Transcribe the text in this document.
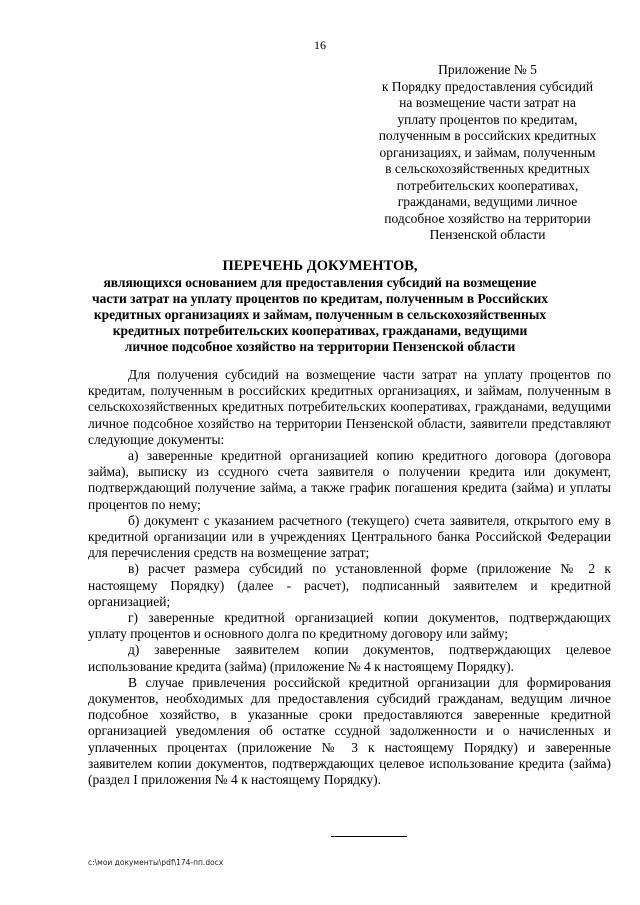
16
Приложение № 5
к Порядку предоставления субсидий
на возмещение части затрат на
уплату процентов по кредитам,
полученным в российских кредитных
организациях, и займам, полученным
в сельскохозяйственных кредитных
потребительских кооперативах,
гражданами, ведущими личное
подсобное хозяйство на территории
Пензенской области
ПЕРЕЧЕНЬ ДОКУМЕНТОВ,
являющихся основанием для предоставления субсидий на возмещение
части затрат на уплату процентов по кредитам, полученным в Российских
кредитных организациях и займам, полученным в сельскохозяйственных
кредитных потребительских кооперативах, гражданами, ведущими
личное подсобное хозяйство на территории Пензенской области

Для получения субсидий на возмещение части затрат на уплату процентов по кредитам, полученным в российских кредитных организациях, и займам, полученным в сельскохозяйственных кредитных потребительских кооперативах, гражданами, ведущими личное подсобное хозяйство на территории Пензенской области, заявители представляют следующие документы:

а) заверенные кредитной организацией копию кредитного договора (договора займа), выписку из ссудного счета заявителя о получении кредита или документ, подтверждающий получение займа, а также график погашения кредита (займа) и уплаты процентов по нему;

б) документ с указанием расчетного (текущего) счета заявителя, открытого ему в кредитной организации или в учреждениях Центрального банка Российской Федерации для перечисления средств на возмещение затрат;

в) расчет размера субсидий по установленной форме (приложение № 2 к настоящему Порядку) (далее - расчет), подписанный заявителем и кредитной организацией;

г) заверенные кредитной организацией копии документов, подтверждающих уплату процентов и основного долга по кредитному договору или займу;

д) заверенные заявителем копии документов, подтверждающих целевое использование кредита (займа) (приложение № 4 к настоящему Порядку).

В случае привлечения российской кредитной организации для формирования документов, необходимых для предоставления субсидий гражданам, ведущим личное подсобное хозяйство, в указанные сроки предоставляются заверенные кредитной организацией уведомления об остатке ссудной задолженности и о начисленных и уплаченных процентах (приложение № 3 к настоящему Порядку) и заверенные заявителем копии документов, подтверждающих целевое использование кредита (займа) (раздел I приложения № 4 к настоящему Порядку).

c:\мои документы\pdf\174-пп.docx
